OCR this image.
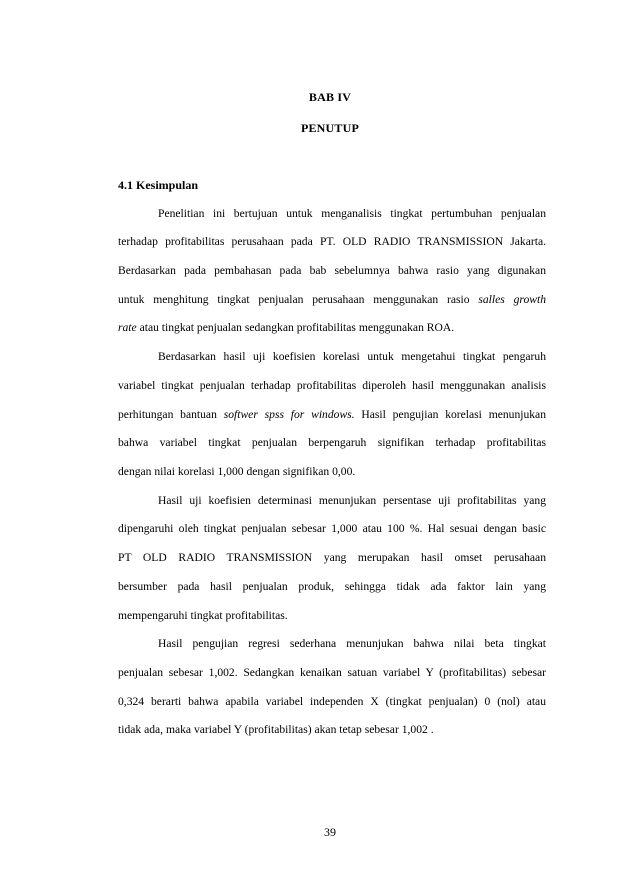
BAB IV
PENUTUP
4.1 Kesimpulan
Penelitian ini bertujuan untuk menganalisis tingkat pertumbuhan penjualan
terhadap profitabilitas perusahaan pada PT. OLD RADIO TRANSMISSION Jakarta.
Berdasarkan pada pembahasan pada bab sebelumnya bahwa rasio yang digunakan
untuk menghitung tingkat penjualan perusahaan menggunakan rasio salles growth
rate atau tingkat penjualan sedangkan profitabilitas menggunakan ROA.
Berdasarkan hasil uji koefisien korelasi untuk mengetahui tingkat pengaruh
variabel tingkat penjualan terhadap profitabilitas diperoleh hasil menggunakan analisis
perhitungan bantuan softwer spss for windows. Hasil pengujian korelasi menunjukan
bahwa variabel tingkat penjualan berpengaruh signifikan terhadap profitabilitas
dengan nilai korelasi 1,000 dengan signifikan 0,00.
Hasil uji koefisien determinasi menunjukan persentase uji profitabilitas yang
dipengaruhi oleh tingkat penjualan sebesar 1,000 atau 100 %. Hal sesuai dengan basic
PT OLD RADIO TRANSMISSION yang merupakan hasil omset perusahaan
bersumber pada hasil penjualan produk, sehingga tidak ada faktor lain yang
mempengaruhi tingkat profitabilitas.
Hasil pengujian regresi sederhana menunjukan bahwa nilai beta tingkat
penjualan sebesar 1,002. Sedangkan kenaikan satuan variabel Y (profitabilitas) sebesar
0,324 berarti bahwa apabila variabel independen X (tingkat penjualan) 0 (nol) atau
tidak ada, maka variabel Y (profitabilitas) akan tetap sebesar 1,002 .
39
